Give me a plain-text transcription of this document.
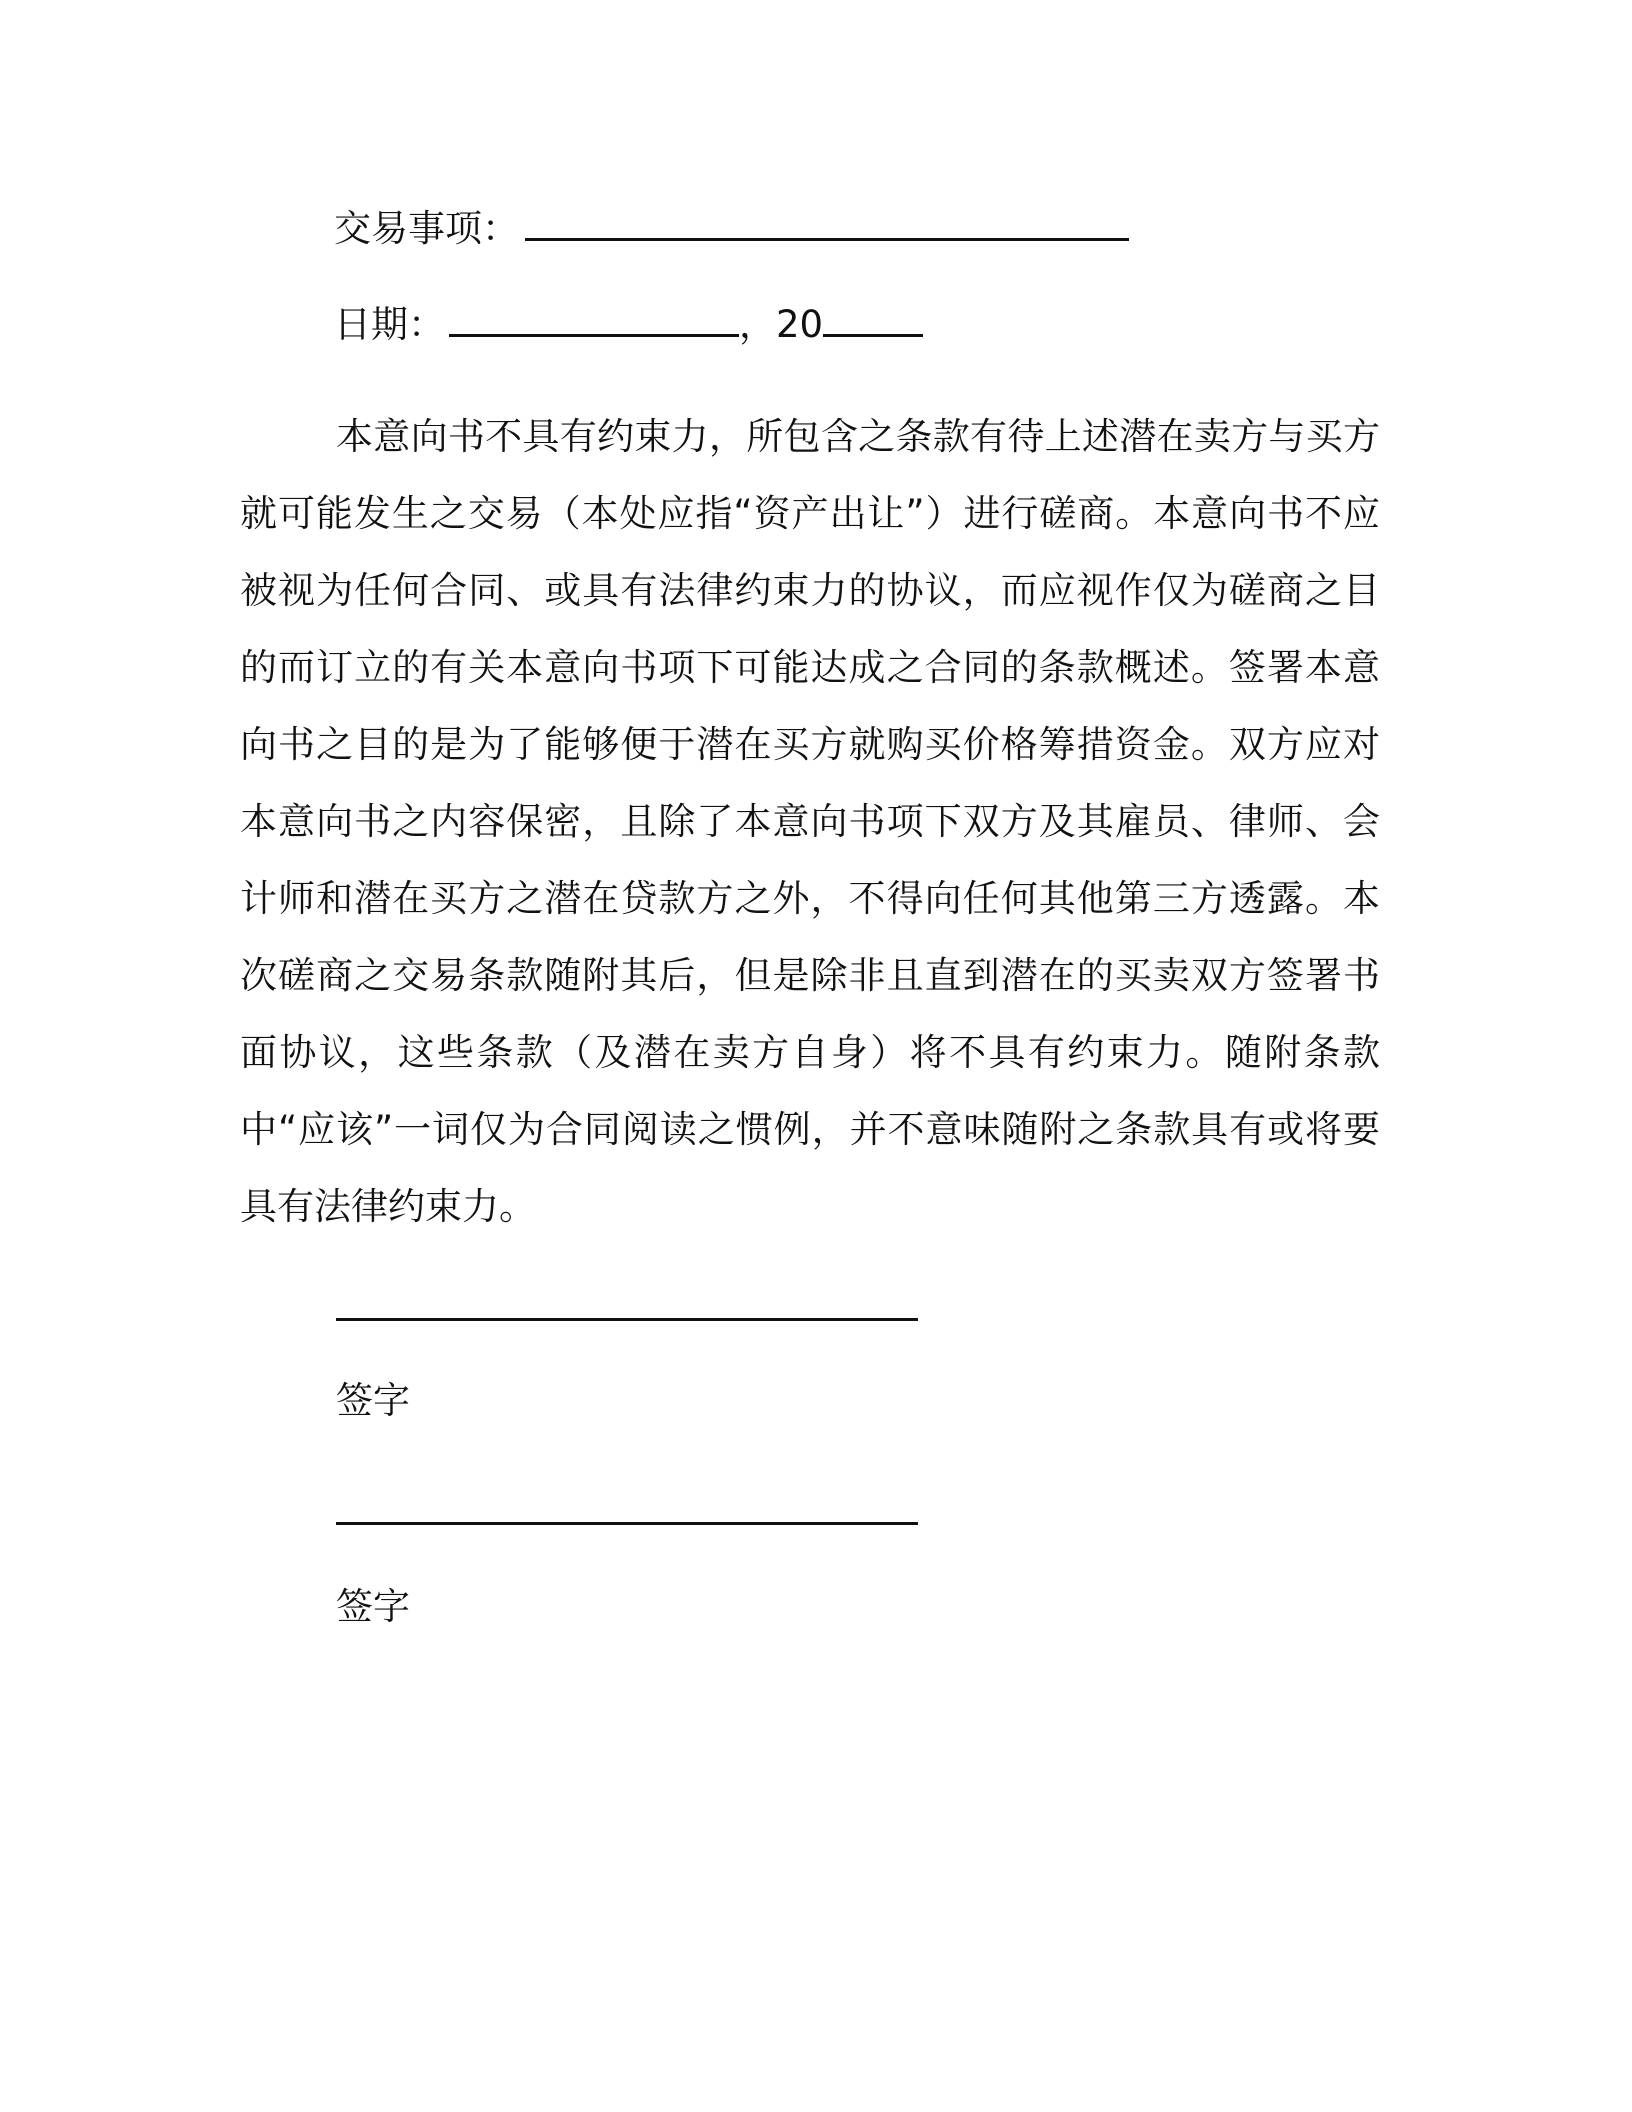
交易事项：
日期：	，20
本意向书不具有约束力，所包含之条款有待上述潜在卖方与买方就可能发生之交易（本处应指“资产出让”）进行磋商。本意向书不应被视为任何合同、或具有法律约束力的协议，而应视作仅为磋商之目的而订立的有关本意向书项下可能达成之合同的条款概述。签署本意向书之目的是为了能够便于潜在买方就购买价格筹措资金。双方应对本意向书之内容保密，且除了本意向书项下双方及其雇员、律师、会计师和潜在买方之潜在贷款方之外，不得向任何其他第三方透露。本次磋商之交易条款随附其后，但是除非且直到潜在的买卖双方签署书面协议，这些条款（及潜在卖方自身）将不具有约束力。随附条款中“应该”一词仅为合同阅读之惯例，并不意味随附之条款具有或将要具有法律约束力。
签字
签字
